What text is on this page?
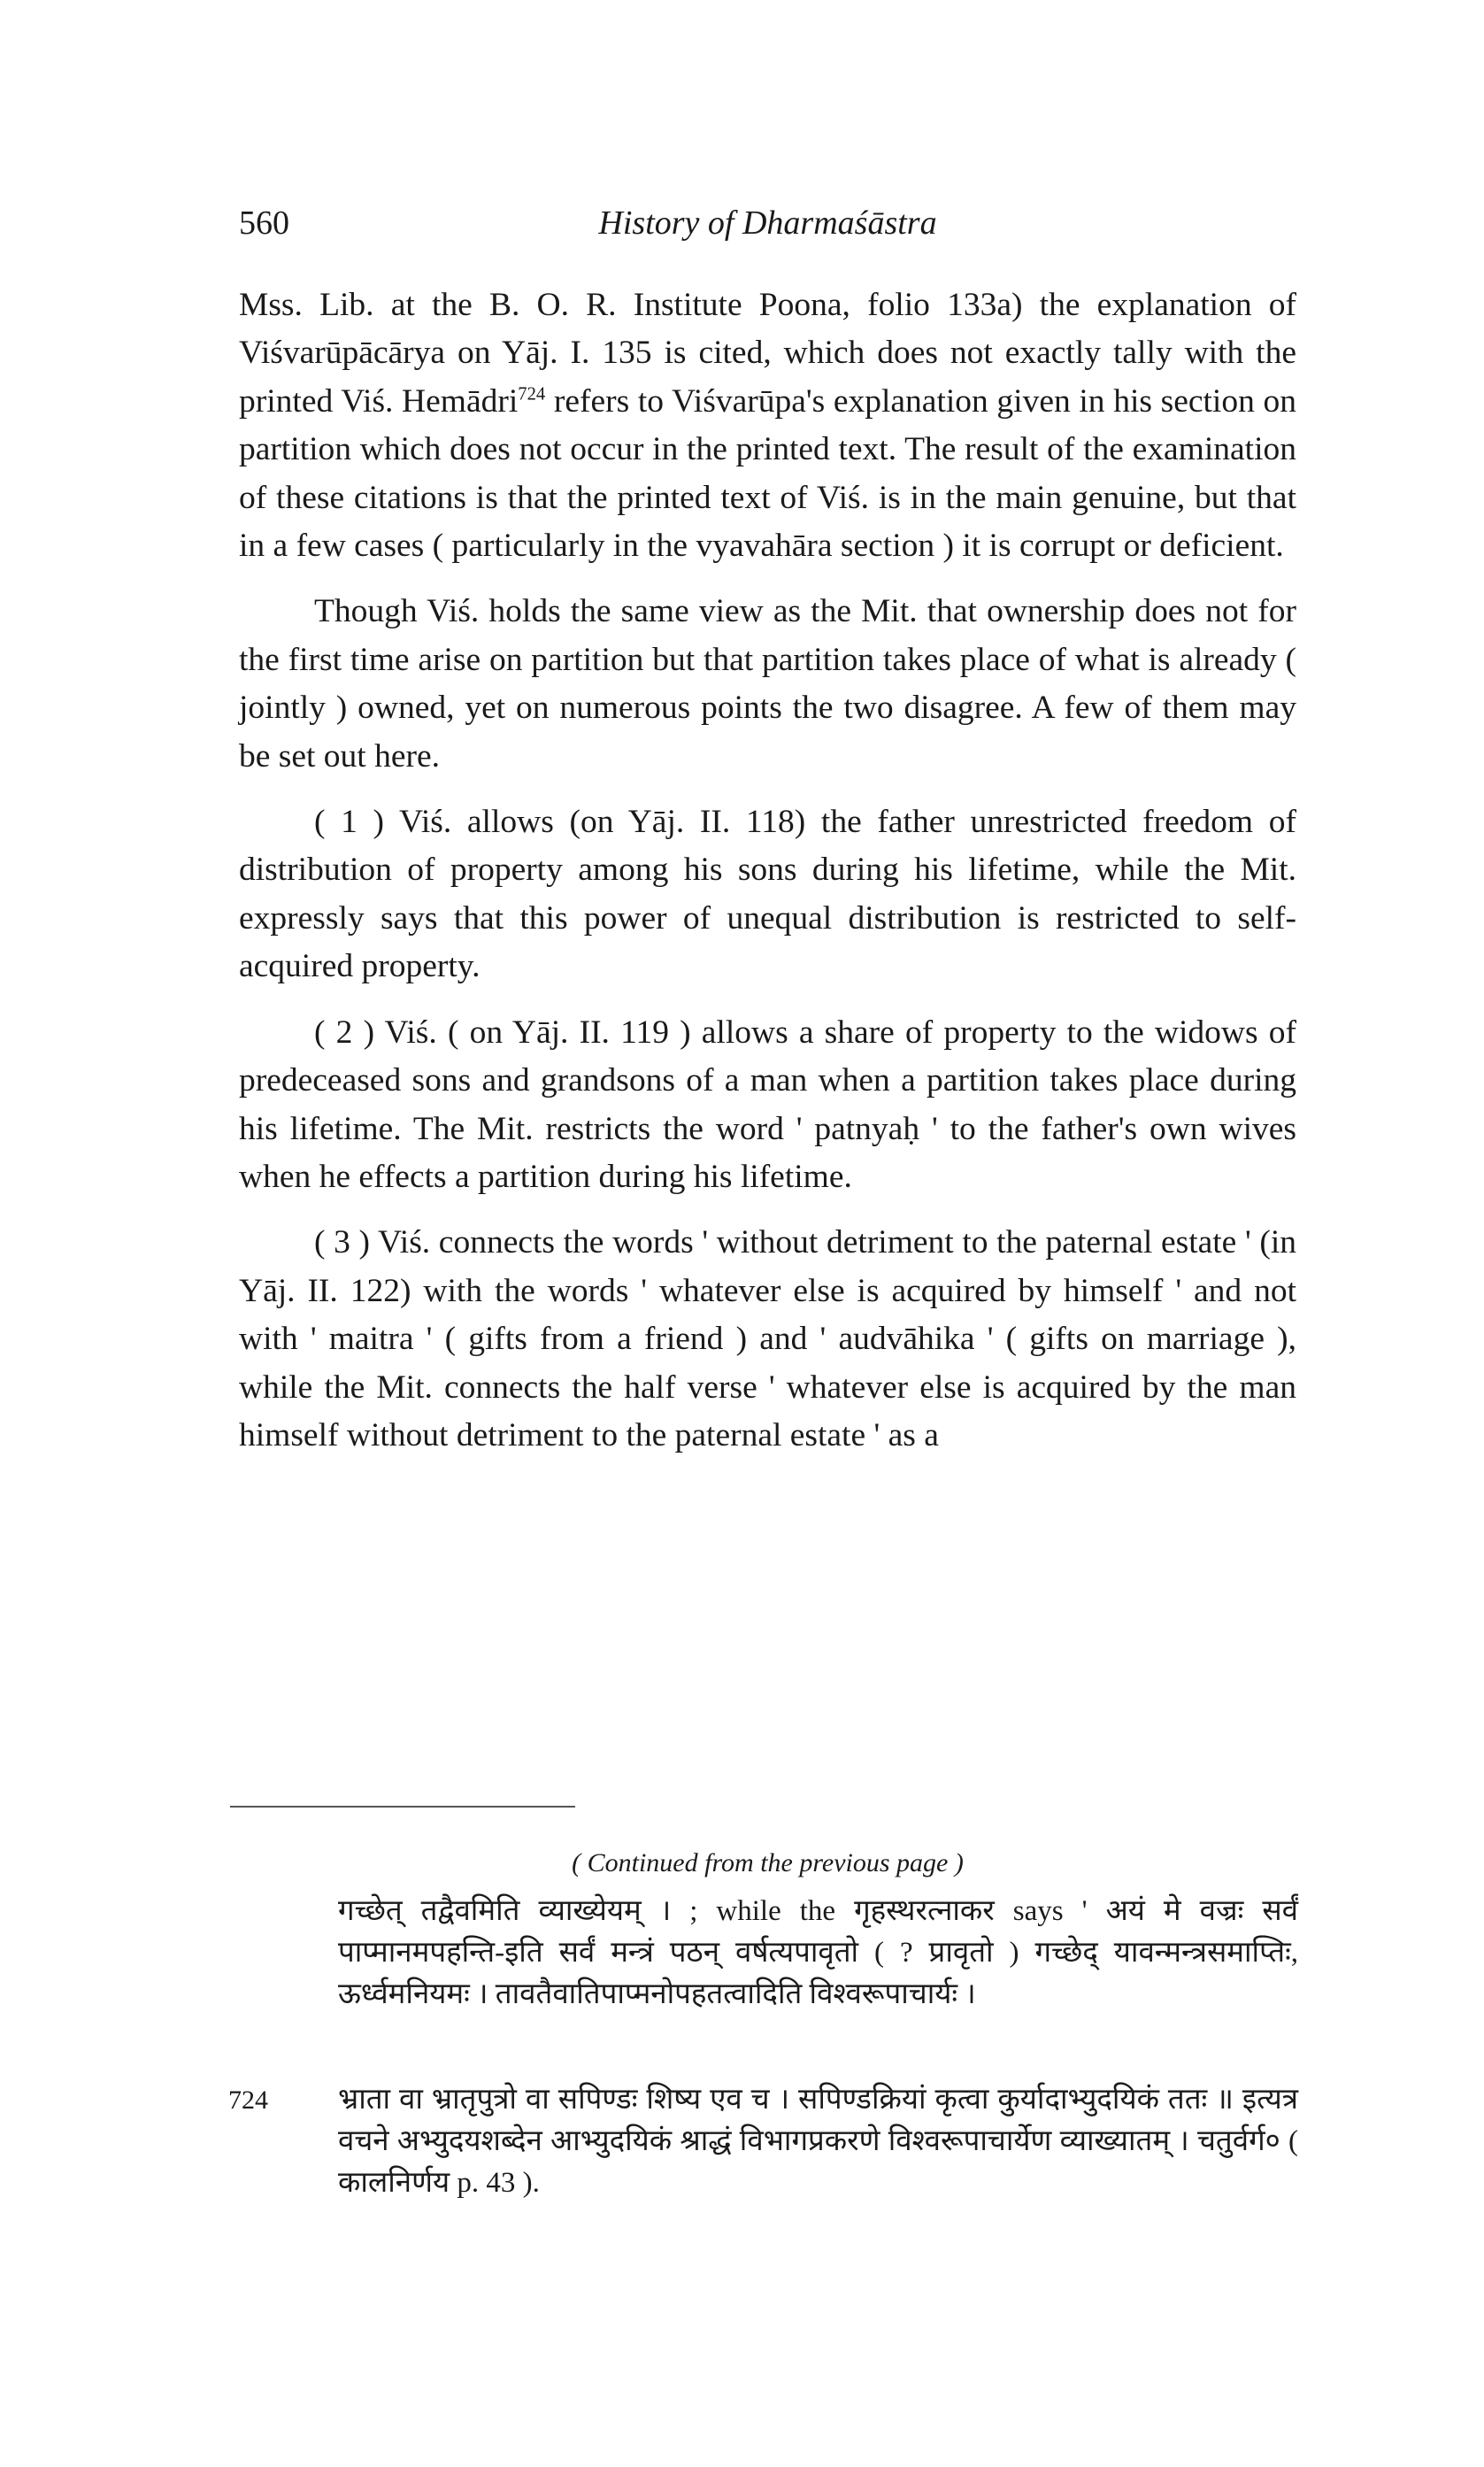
560	History of Dharmaśāstra

Mss. Lib. at the B. O. R. Institute Poona, folio 133a) the explanation of Viśvarūpācārya on Yāj. I. 135 is cited, which does not exactly tally with the printed Viś. Hemādri$^{724}$ refers to Viśvarūpa's explanation given in his section on partition which does not occur in the printed text. The result of the examination of these citations is that the printed text of Viś. is in the main genuine, but that in a few cases ( particularly in the vyavahāra section ) it is corrupt or deficient.

Though Viś. holds the same view as the Mit. that ownership does not for the first time arise on partition but that partition takes place of what is already ( jointly ) owned, yet on numerous points the two disagree. A few of them may be set out here.

( 1 ) Viś. allows (on Yāj. II. 118) the father unrestricted freedom of distribution of property among his sons during his lifetime, while the Mit. expressly says that this power of unequal distribution is restricted to self-acquired property.

( 2 ) Viś. ( on Yāj. II. 119 ) allows a share of property to the widows of predeceased sons and grandsons of a man when a partition takes place during his lifetime. The Mit. restricts the word ' patnyaḥ ' to the father's own wives when he effects a partition during his lifetime.

( 3 ) Viś. connects the words ' without detriment to the paternal estate ' (in Yāj. II. 122) with the words ' whatever else is acquired by himself ' and not with ' maitra ' ( gifts from a friend ) and ' audvāhika ' ( gifts on marriage ), while the Mit. connects the half verse ' whatever else is acquired by the man himself without detriment to the paternal estate ' as a

( Continued from the previous page )
गच्छेत् तद्वैवमिति व्याख्येयम् । ; while the गृहस्थरत्नाकर says ' अयं मे वज्रः सर्वं पाप्मानमपहन्ति-इति सर्वं मन्त्रं पठन् वर्षत्यपावृतो ( ? प्रावृतो ) गच्छेद् यावन्मन्त्रसमाप्तिः, ऊर्ध्वमनियमः । तावतैवातिपाप्मनोपहतत्वादिति विश्वरूपाचार्यः ।
724 भ्राता वा भ्रातृपुत्रो वा सपिण्डः शिष्य एव च । सपिण्डक्रियां कृत्वा कुर्यादाभ्युदयिकं ततः ॥ इत्यत्र वचने अभ्युदयशब्देन आभ्युदयिकं श्राद्धं विभागप्रकरणे विश्वरूपाचार्येण व्याख्यातम् । चतुर्वर्ग० ( कालनिर्णय p. 43 ).
